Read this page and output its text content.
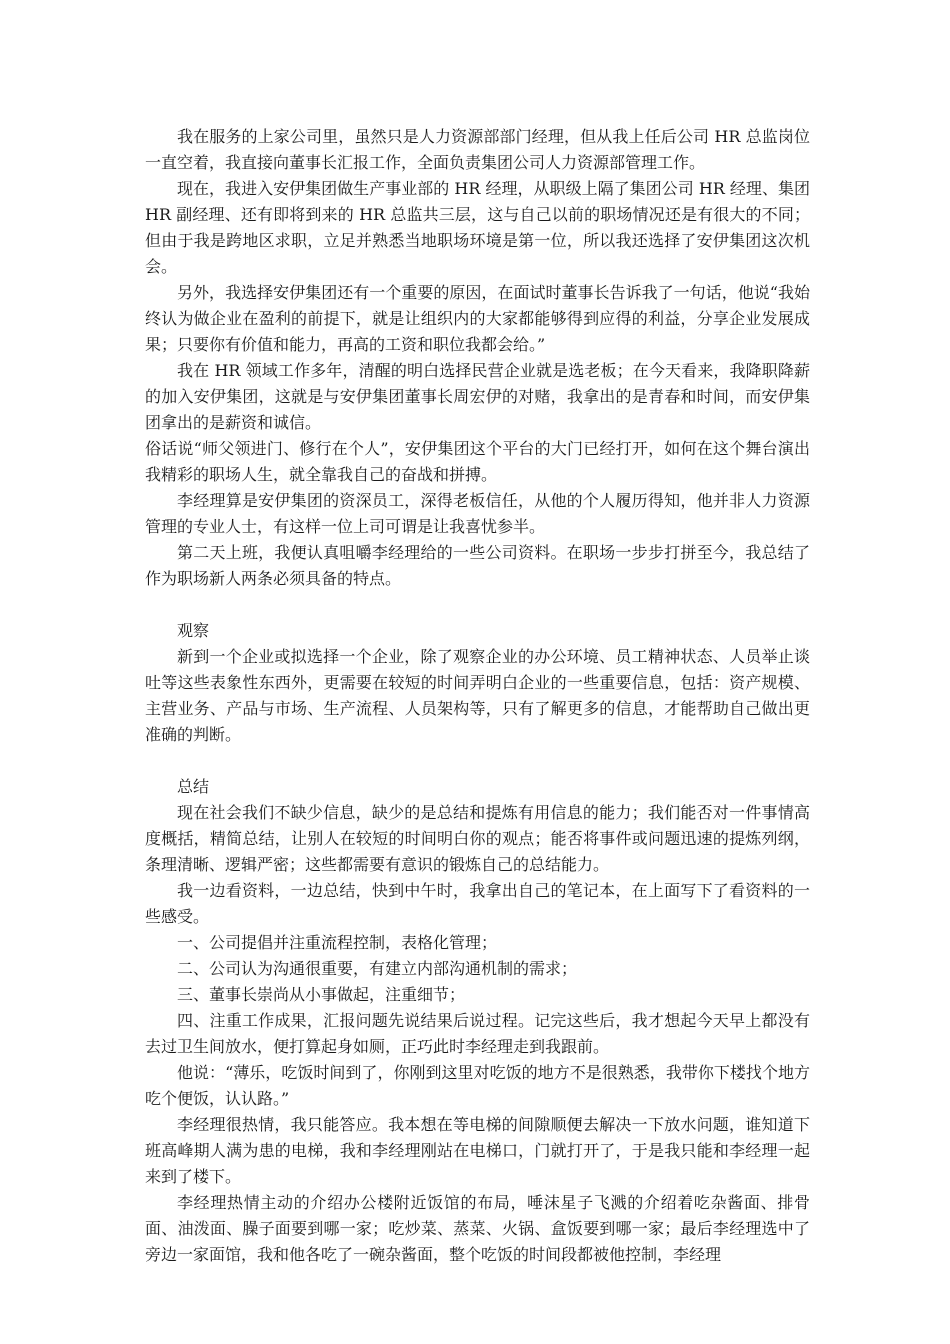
我在服务的上家公司里，虽然只是人力资源部部门经理，但从我上任后公司 HR 总监岗位一直空着，我直接向董事长汇报工作，全面负责集团公司人力资源部管理工作。

现在，我进入安伊集团做生产事业部的 HR 经理，从职级上隔了集团公司 HR 经理、集团 HR 副经理、还有即将到来的 HR 总监共三层，这与自己以前的职场情况还是有很大的不同；但由于我是跨地区求职，立足并熟悉当地职场环境是第一位，所以我还选择了安伊集团这次机会。

另外，我选择安伊集团还有一个重要的原因，在面试时董事长告诉我了一句话，他说“我始终认为做企业在盈利的前提下，就是让组织内的大家都能够得到应得的利益，分享企业发展成果；只要你有价值和能力，再高的工资和职位我都会给。”

我在 HR 领域工作多年，清醒的明白选择民营企业就是选老板；在今天看来，我降职降薪的加入安伊集团，这就是与安伊集团董事长周宏伊的对赌，我拿出的是青春和时间，而安伊集团拿出的是薪资和诚信。

俗话说“师父领进门、修行在个人”，安伊集团这个平台的大门已经打开，如何在这个舞台演出我精彩的职场人生，就全靠我自己的奋战和拼搏。

李经理算是安伊集团的资深员工，深得老板信任，从他的个人履历得知，他并非人力资源管理的专业人士，有这样一位上司可谓是让我喜忧参半。

第二天上班，我便认真咀嚼李经理给的一些公司资料。在职场一步步打拼至今，我总结了作为职场新人两条必须具备的特点。

观察

新到一个企业或拟选择一个企业，除了观察企业的办公环境、员工精神状态、人员举止谈吐等这些表象性东西外，更需要在较短的时间弄明白企业的一些重要信息，包括：资产规模、主营业务、产品与市场、生产流程、人员架构等，只有了解更多的信息，才能帮助自己做出更准确的判断。

总结

现在社会我们不缺少信息，缺少的是总结和提炼有用信息的能力；我们能否对一件事情高度概括，精简总结，让别人在较短的时间明白你的观点；能否将事件或问题迅速的提炼列纲，条理清晰、逻辑严密；这些都需要有意识的锻炼自己的总结能力。

我一边看资料，一边总结，快到中午时，我拿出自己的笔记本，在上面写下了看资料的一些感受。

一、公司提倡并注重流程控制，表格化管理；

二、公司认为沟通很重要，有建立内部沟通机制的需求；

三、董事长崇尚从小事做起，注重细节；

四、注重工作成果，汇报问题先说结果后说过程。记完这些后，我才想起今天早上都没有去过卫生间放水，便打算起身如厕，正巧此时李经理走到我跟前。

他说：“薄乐，吃饭时间到了，你刚到这里对吃饭的地方不是很熟悉，我带你下楼找个地方吃个便饭，认认路。”

李经理很热情，我只能答应。我本想在等电梯的间隙顺便去解决一下放水问题，谁知道下班高峰期人满为患的电梯，我和李经理刚站在电梯口，门就打开了，于是我只能和李经理一起来到了楼下。

李经理热情主动的介绍办公楼附近饭馆的布局，唾沫星子飞溅的介绍着吃杂酱面、排骨面、油泼面、臊子面要到哪一家；吃炒菜、蒸菜、火锅、盒饭要到哪一家；最后李经理选中了旁边一家面馆，我和他各吃了一碗杂酱面，整个吃饭的时间段都被他控制，李经理
